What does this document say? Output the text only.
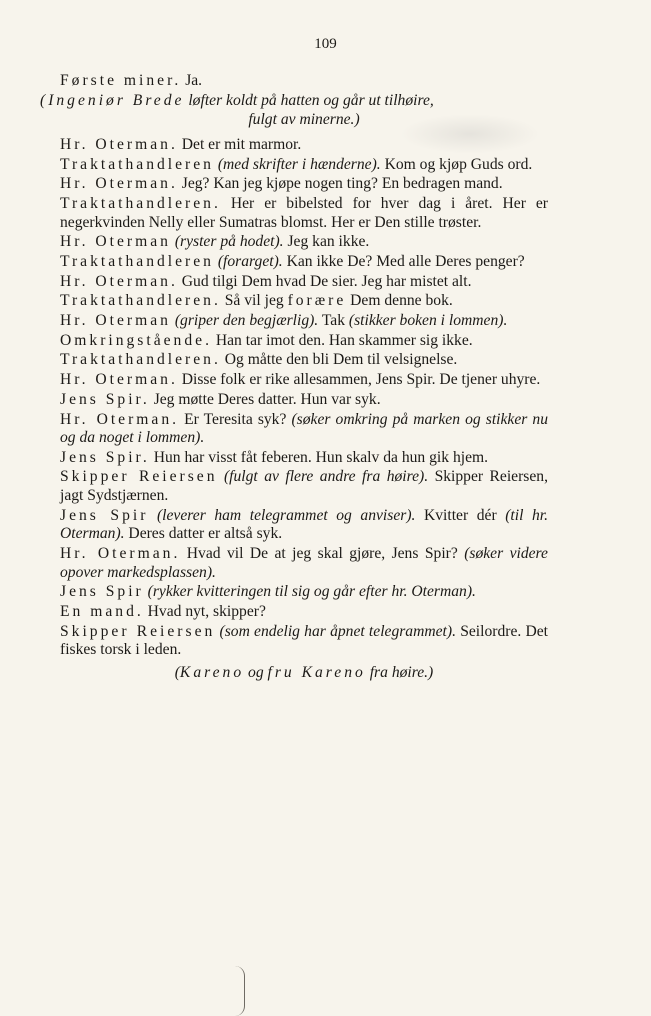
109

Første miner. Ja.

(Ingeniør Brede løfter koldt på hatten og går ut tilhøire,

fulgt av minerne.)

Hr. Oterman. Det er mit marmor.

Traktathandleren (med skrifter i hænderne). Kom og kjøp Guds ord.

Hr. Oterman. Jeg? Kan jeg kjøpe nogen ting? En bedragen mand.

Traktathandleren. Her er bibelsted for hver dag i året. Her er negerkvinden Nelly eller Sumatras blomst. Her er Den stille trøster.

Hr. Oterman (ryster på hodet). Jeg kan ikke.

Traktathandleren (forarget). Kan ikke De? Med alle Deres penger?

Hr. Oterman. Gud tilgi Dem hvad De sier. Jeg har mistet alt.

Traktathandleren. Så vil jeg forære Dem denne bok.

Hr. Oterman (griper den begjærlig). Tak (stikker boken i lommen).

Omkringstående. Han tar imot den. Han skammer sig ikke.

Traktathandleren. Og måtte den bli Dem til velsignelse.

Hr. Oterman. Disse folk er rike allesammen, Jens Spir. De tjener uhyre.

Jens Spir. Jeg møtte Deres datter. Hun var syk.

Hr. Oterman. Er Teresita syk? (søker omkring på marken og stikker nu og da noget i lommen).

Jens Spir. Hun har visst fåt feberen. Hun skalv da hun gik hjem.

Skipper Reiersen (fulgt av flere andre fra høire). Skipper Reiersen, jagt Sydstjærnen.

Jens Spir (leverer ham telegrammet og anviser). Kvitter dér (til hr. Oterman). Deres datter er altså syk.

Hr. Oterman. Hvad vil De at jeg skal gjøre, Jens Spir? (søker videre opover markedsplassen).

Jens Spir (rykker kvitteringen til sig og går efter hr. Oterman).

En mand. Hvad nyt, skipper?

Skipper Reiersen (som endelig har åpnet telegrammet). Seilordre. Det fiskes torsk i leden.

(Kareno og fru Kareno fra høire.)
